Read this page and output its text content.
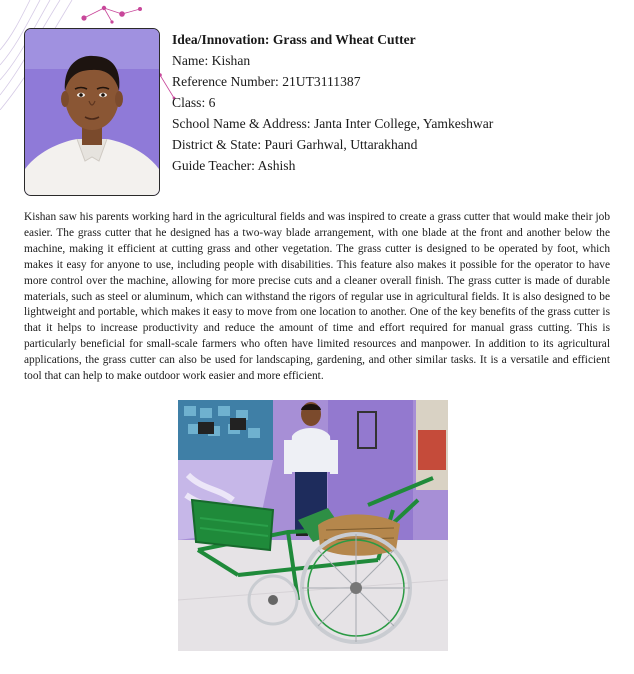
Idea/Innovation: Grass and Wheat Cutter
Name: Kishan
Reference Number: 21UT3111387
Class: 6
School Name & Address: Janta Inter College, Yamkeshwar
District & State: Pauri Garhwal, Uttarakhand
Guide Teacher: Ashish

Kishan saw his parents working hard in the agricultural fields and was inspired to create a grass cutter that would make their job easier. The grass cutter that he designed has a two-way blade arrangement, with one blade at the front and another below the machine, making it efficient at cutting grass and other vegetation. The grass cutter is designed to be operated by foot, which makes it easy for anyone to use, including people with disabilities. This feature also makes it possible for the operator to have more control over the machine, allowing for more precise cuts and a cleaner overall finish. The grass cutter is made of durable materials, such as steel or aluminum, which can withstand the rigors of regular use in agricultural fields. It is also designed to be lightweight and portable, which makes it easy to move from one location to another. One of the key benefits of the grass cutter is that it helps to increase productivity and reduce the amount of time and effort required for manual grass cutting. This is particularly beneficial for small-scale farmers who often have limited resources and manpower. In addition to its agricultural applications, the grass cutter can also be used for landscaping, gardening, and other similar tasks. It is a versatile and efficient tool that can help to make outdoor work easier and more efficient.
